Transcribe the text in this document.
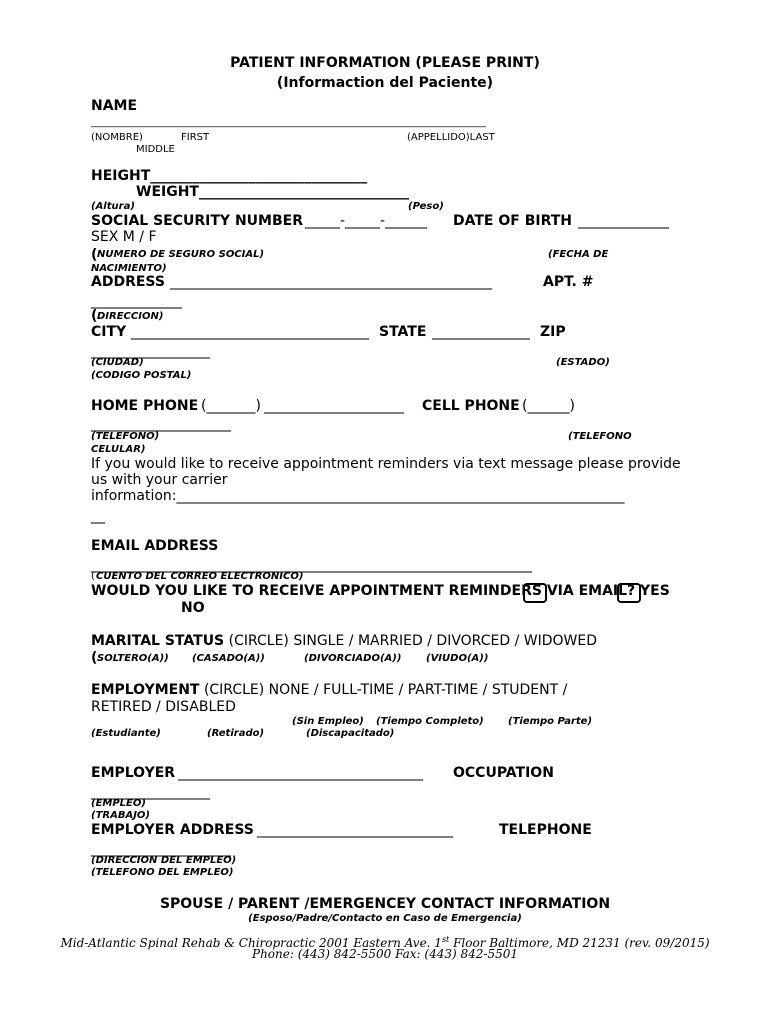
PATIENT INFORMATION (PLEASE PRINT)
(Informaction del Paciente)
NAME
_______________________________________________________________________________
(NOMBRE)	FIRST	(APPELLIDO)LAST
MIDDLE
HEIGHT_______________________________
WEIGHT______________________________
(Altura)	(Peso)
SOCIAL SECURITY NUMBER _____-_____-______ DATE OF BIRTH _____________
SEX M / F
( NUMERO DE SEGURO SOCIAL)	(FECHA DE
NACIMIENTO)
ADDRESS ______________________________________________	APT. #
_____________
( DIRECCION)
CITY __________________________________ STATE ______________ ZIP
_________________
(CIUDAD)	(ESTADO)
(CODIGO POSTAL)
HOME PHONE (_______) ____________________ CELL PHONE (______)
____________________
(TELEFONO)	(TELEFONO
CELULAR)
If you would like to receive appointment reminders via text message please provide
us with your carrier
information:________________________________________________________________
__
EMAIL ADDRESS
_______________________________________________________________
( CUENTO DEL CORREO ELECTRONICO)
WOULD YOU LIKE TO RECEIVE APPOINTMENT REMINDERS VIA EMAIL? YES
NO
MARITAL STATUS (CIRCLE) SINGLE / MARRIED / DIVORCED / WIDOWED
( SOLTERO(A)) (CASADO(A))	(DIVORCIADO(A)) (VIUDO(A))
EMPLOYMENT (CIRCLE) NONE / FULL-TIME / PART-TIME / STUDENT /
RETIRED / DISABLED
(Sin Empleo) (Tiempo Completo) (Tiempo Parte)
(Estudiante)	(Retirado)	(Discapacitado)
EMPLOYER ___________________________________ OCCUPATION
_________________
(EMPLEO)
(TRABAJO)
EMPLOYER ADDRESS ____________________________	TELEPHONE
____________________
(DIRECCION DEL EMPLEO)
(TELEFONO DEL EMPLEO)
SPOUSE / PARENT /EMERGENCEY CONTACT INFORMATION
(Esposo/Padre/Contacto en Caso de Emergencia)
Mid-Atlantic Spinal Rehab & Chiropractic 2001 Eastern Ave. 1st Floor Baltimore, MD 21231 (rev. 09/2015)
Phone: (443) 842-5500 Fax: (443) 842-5501
